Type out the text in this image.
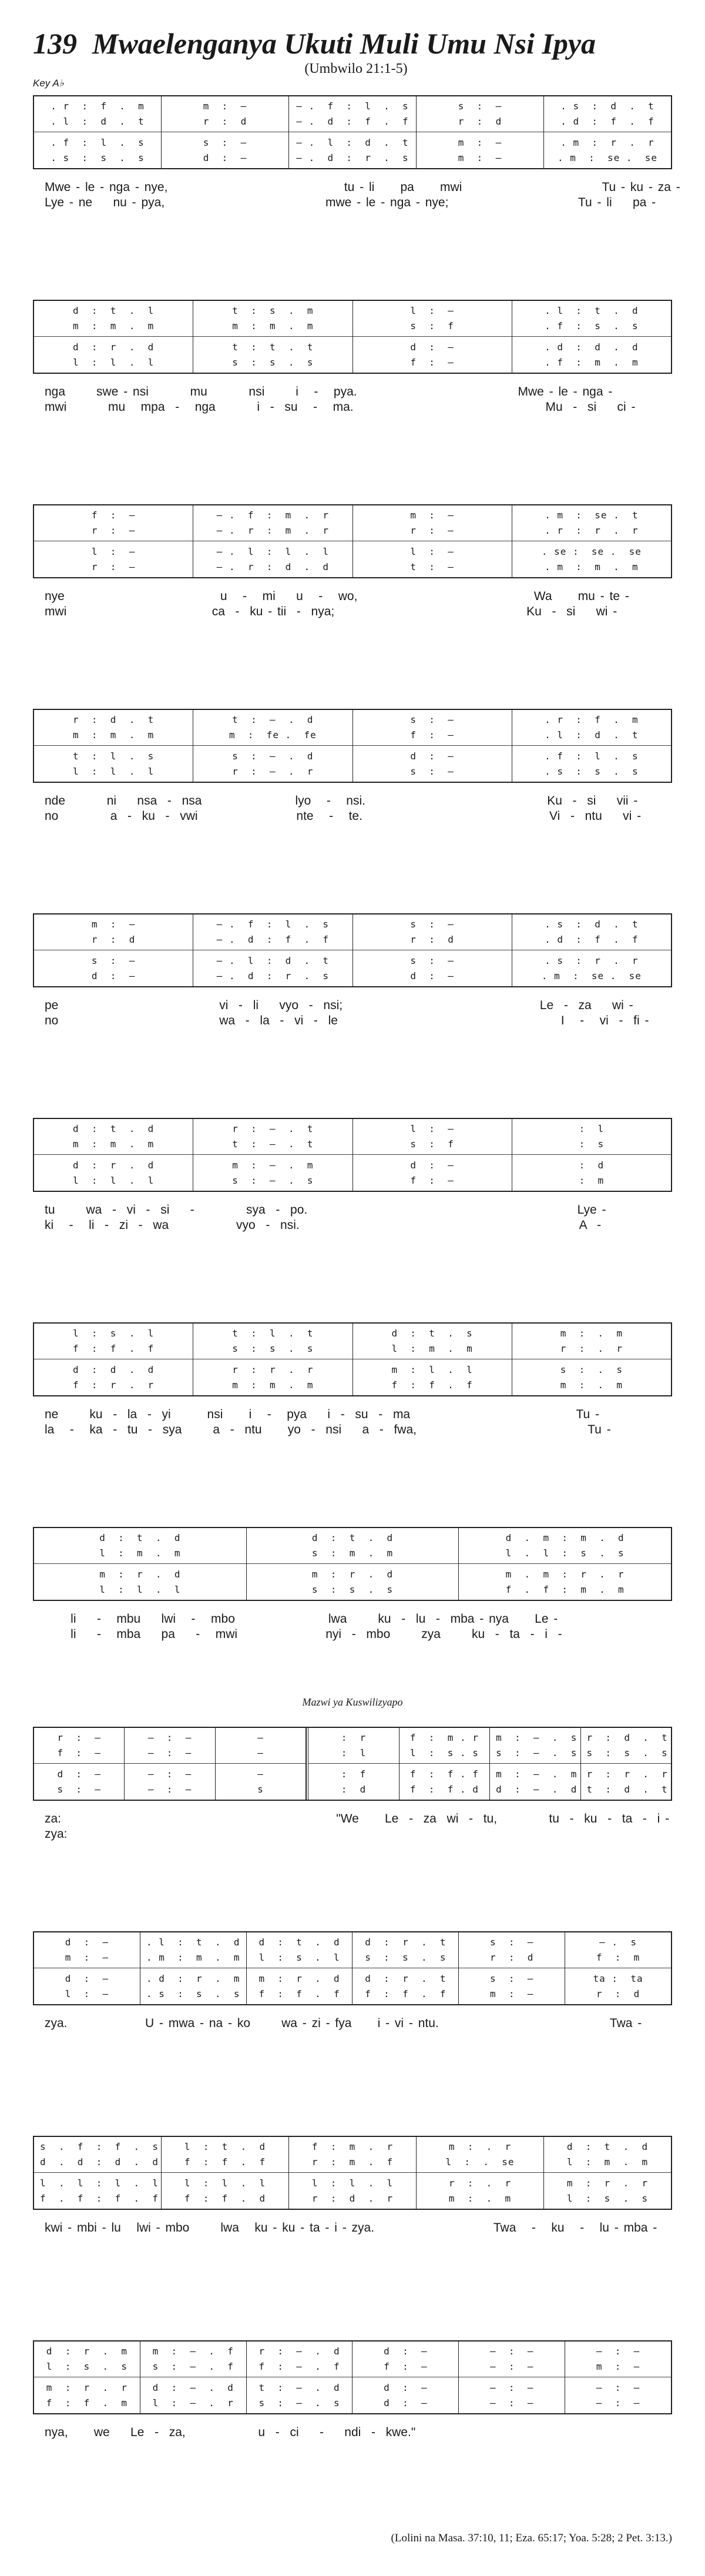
139 Mwaelenganya Ukuti Muli Umu Nsi Ipya
(Umbwilo 21:1-5)
Key A♭
. r  :  f  .  m
. l  :  d  .  t
. f  :  l  .  s
. s  :  s  .  s
m  :  —
r  :  d
s  :  —
d  :  —
– .  f  :  l  .  s
– .  d  :  f  .  f
– .  l  :  d  .  t
– .  d  :  r  .  s
s  :  —
r  :  d
m  :  —
m  :  —
. s  :  d  .  t
. d  :  f  .  f
. m  :  r  .  r
. m  :  se .  se
Mwe - le - nga - nye,                                  tu - li     pa     mwi                           Tu - ku - za -
Lye - ne    nu - pya,                               mwe - le - nga - nye;                         Tu - li    pa -
d  :  t  .  l
m  :  m  .  m
d  :  r  .  d
l  :  l  .  l
t  :  s  .  m
m  :  m  .  m
t  :  t  .  t
s  :  s  .  s
l  :  —
s  :  f
d  :  —
f  :  —
. l  :  t  .  d
. f  :  s  .  s
. d  :  d  .  d
. f  :  m  .  m
nga      swe - nsi        mu        nsi      i   -   pya.                               Mwe - le - nga -
mwi        mu   mpa  -   nga        i  -  su   -   ma.                                     Mu  -  si    ci -
f  :  —
r  :  —
l  :  —
r  :  —
– .  f  :  m  .  r
– .  r  :  m  .  r
– .  l  :  l  .  l
– .  r  :  d  .  d
m  :  —
r  :  —
l  :  —
t  :  —
. m  :  se .  t
. r  :  r  .  r
. se :  se .  se
. m  :  m  .  m
nye                              u   -   mi    u   -   wo,                                  Wa     mu - te -
mwi                            ca  -  ku - tii  -  nya;                                     Ku  -  si    wi -
r  :  d  .  t
m  :  m  .  m
t  :  l  .  s
l  :  l  .  l
t  :  –  .  d
m  :  fe .  fe
s  :  –  .  d
r  :  –  .  r
s  :  —
f  :  —
d  :  —
s  :  —
. r  :  f  .  m
. l  :  d  .  t
. f  :  l  .  s
. s  :  s  .  s
nde        ni    nsa  -  nsa                  lyo   -   nsi.                                   Ku  -  si    vii -
no          a  -  ku  -  vwi                   nte   -   te.                                    Vi  -  ntu    vi -
m  :  —
r  :  d
s  :  —
d  :  —
– .  f  :  l  .  s
– .  d  :  f  .  f
– .  l  :  d  .  t
– .  d  :  r  .  s
s  :  —
r  :  d
s  :  —
d  :  —
. s  :  d  .  t
. d  :  f  .  f
. s  :  r  .  r
. m  :  se .  se
pe                               vi  -  li    vyo  -  nsi;                                      Le  -  za    wi -
no                               wa  -  la  -  vi  -  le                                           I   -   vi  -  fi -
d  :  t  .  d
m  :  m  .  m
d  :  r  .  d
l  :  l  .  l
r  :  –  .  t
t  :  –  .  t
m  :  –  .  m
s  :  –  .  s
l  :  —
s  :  f
d  :  —
f  :  —
:  l
:  s
:  d
:  m
tu      wa  -  vi  -  si    -          sya  -  po.                                                    Lye -
ki   -   li  -  zi  -  wa             vyo  -  nsi.                                                      A  -
l  :  s  .  l
f  :  f  .  f
d  :  d  .  d
f  :  r  .  r
t  :  l  .  t
s  :  s  .  s
r  :  r  .  r
m  :  m  .  m
d  :  t  .  s
l  :  m  .  m
m  :  l  .  l
f  :  f  .  f
m  :  .  m
r  :  .  r
s  :  .  s
m  :  .  m
ne      ku  -  la  -  yi       nsi     i   -   pya    i  -  su  -  ma                                Tu -
la   -   ka  -  tu  -  sya      a  -  ntu     yo  -  nsi    a  -  fwa,                                 Tu -
d  :  t  .  d
l  :  m  .  m
m  :  r  .  d
l  :  l  .  l
d  :  t  .  d
s  :  m  .  m
m  :  r  .  d
s  :  s  .  s
d  .  m  :  m  .  d
l  .  l  :  s  .  s
m  .  m  :  r  .  r
f  .  f  :  m  .  m
li    -   mbu    lwi   -   mbo                  lwa      ku  -  lu  -  mba - nya     Le -
li    -   mba    pa    -   mwi                 nyi  -  mbo      zya      ku  -  ta  -  i  -
r  :  —
f  :  —
d  :  —
s  :  —
—  :  —
—  :  —
—  :  —
—  :  —
—
—
—
s
:  r
:  l
:  f
:  d
f  :  m . r
l  :  s . s
f  :  f . f
f  :  f . d
m  :  –  .  s
s  :  –  .  s
m  :  –  .  m
d  :  –  .  d
r  :  d  .  t
s  :  s  .  s
r  :  r  .  r
t  :  d  .  t
za:                                                     "We     Le  -  za  wi  -  tu,          tu  -  ku  -  ta  -  i -
zya:
d  :  —
m  :  —
d  :  —
l  :  —
. l  :  t  .  d
. m  :  m  .  m
. d  :  r  .  m
. s  :  s  .  s
d  :  t  .  d
l  :  s  .  l
m  :  r  .  d
f  :  f  .  f
d  :  r  .  t
s  :  s  .  s
d  :  r  .  t
f  :  f  .  f
s  :  —
r  :  d
s  :  —
m  :  —
– .  s
f  :  m
ta :  ta
r  :  d
zya.               U - mwa - na - ko      wa - zi - fya     i - vi - ntu.                                 Twa -
s  .  f  :  f  .  s
d  .  d  :  d  .  d
l  .  l  :  l  .  l
f  .  f  :  f  .  f
l  :  t  .  d
f  :  f  .  f
l  :  l  .  l
f  :  f  .  d
f  :  m  .  r
r  :  m  .  f
l  :  l  .  l
r  :  d  .  r
m  :  .  r
l  :  .  se
r  :  .  r
m  :  .  m
d  :  t  .  d
l  :  m  .  m
m  :  r  .  r
l  :  s  .  s
kwi - mbi - lu   lwi - mbo      lwa   ku - ku - ta - i - zya.                       Twa   -   ku   -   lu - mba -
d  :  r  .  m
l  :  s  .  s
m  :  r  .  r
f  :  f  .  m
m  :  –  .  f
s  :  –  .  f
d  :  –  .  d
l  :  –  .  r
r  :  –  .  d
f  :  –  .  f
t  :  –  .  d
s  :  –  .  s
d  :  —
f  :  —
d  :  —
d  :  —
—  :  —
—  :  —
—  :  —
—  :  —
—  :  —
m  :  —
—  :  —
—  :  —
nya,     we    Le  -  za,              u  -  ci    -    ndi  -  kwe."
Mazwi ya Kuswilizyapo
(Lolini na Masa. 37:10, 11; Eza. 65:17; Yoa. 5:28; 2 Pet. 3:13.)
